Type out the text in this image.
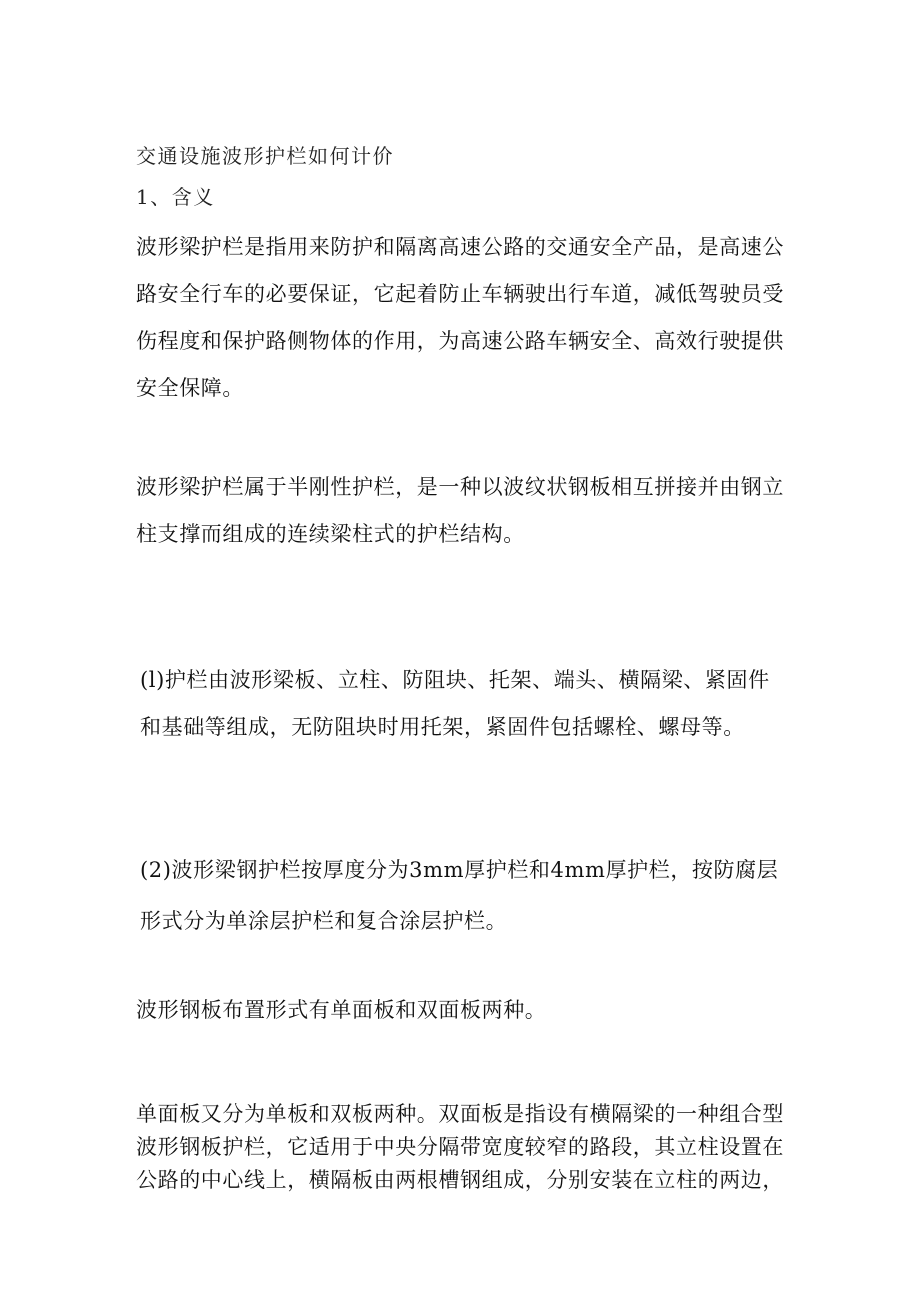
交通设施波形护栏如何计价
1、含义

波形梁护栏是指用来防护和隔离高速公路的交通安全产品，是高速公
路安全行车的必要保证，它起着防止车辆驶出行车道，减低驾驶员受
伤程度和保护路侧物体的作用，为高速公路车辆安全、高效行驶提供
安全保障。

波形梁护栏属于半刚性护栏，是一种以波纹状钢板相互拼接并由钢立
柱支撑而组成的连续梁柱式的护栏结构。

(l)护栏由波形梁板、立柱、防阻块、托架、端头、横隔梁、紧固件
和基础等组成，无防阻块时用托架，紧固件包括螺栓、螺母等。

(2)波形梁钢护栏按厚度分为3mm厚护栏和4mm厚护栏，按防腐层
形式分为单涂层护栏和复合涂层护栏。

波形钢板布置形式有单面板和双面板两种。

单面板又分为单板和双板两种。双面板是指设有横隔梁的一种组合型
波形钢板护栏，它适用于中央分隔带宽度较窄的路段，其立柱设置在
公路的中心线上，横隔板由两根槽钢组成，分别安装在立柱的两边，
